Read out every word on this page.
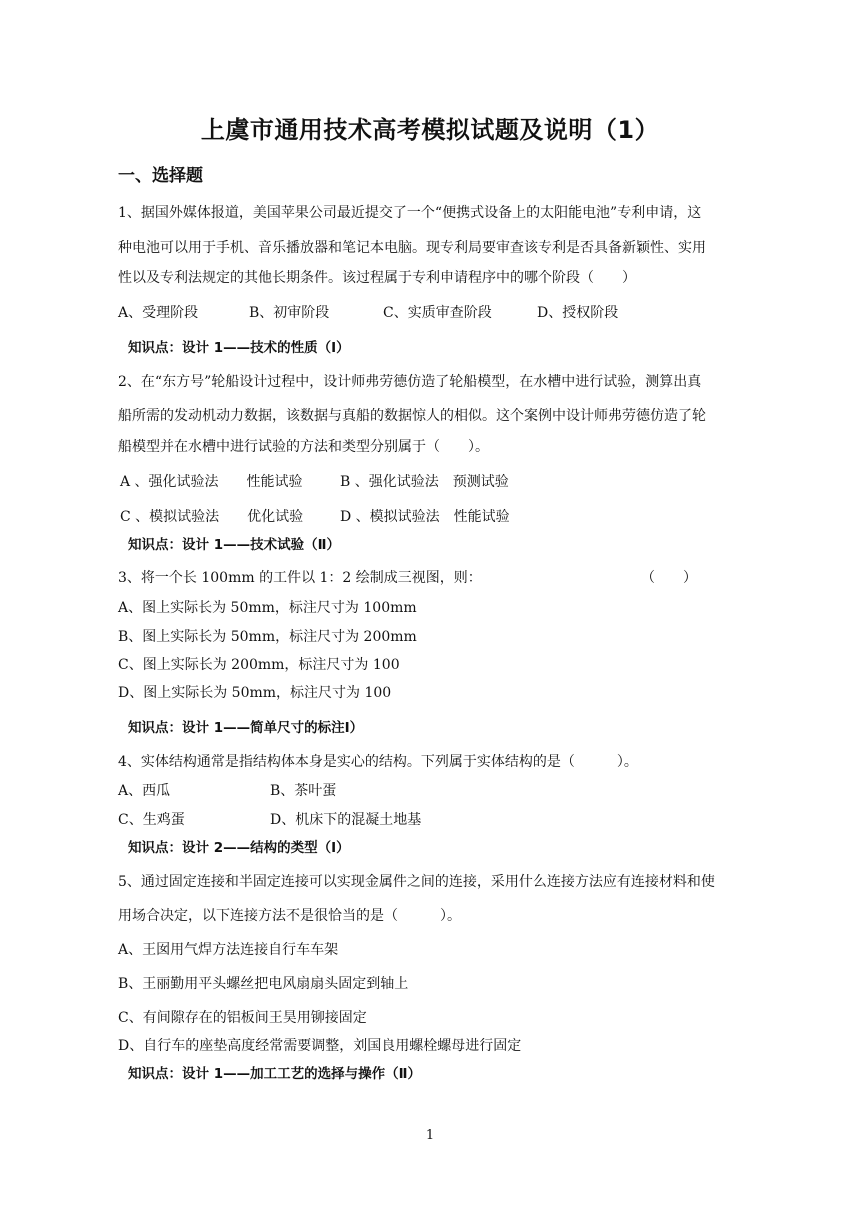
上虞市通用技术高考模拟试题及说明（1）
一、选择题
1、据国外媒体报道，美国苹果公司最近提交了一个“便携式设备上的太阳能电池”专利申请，这
种电池可以用于手机、音乐播放器和笔记本电脑。现专利局要审查该专利是否具备新颖性、实用
性以及专利法规定的其他长期条件。该过程属于专利申请程序中的哪个阶段（　　）
A、受理阶段	B、初审阶段	C、实质审查阶段	D、授权阶段
知识点：设计 1——技术的性质（I）
2、在“东方号”轮船设计过程中，设计师弗劳德仿造了轮船模型，在水槽中进行试验，测算出真
船所需的发动机动力数据，该数据与真船的数据惊人的相似。这个案例中设计师弗劳德仿造了轮
船模型并在水槽中进行试验的方法和类型分别属于（　　）。
A 、强化试验法　　性能试验	B 、强化试验法　预测试验
C 、模拟试验法　　优化试验	D 、模拟试验法　性能试验
知识点：设计 1——技术试验（Ⅱ）
3、将一个长 100mm 的工件以 1：2 绘制成三视图，则：	（　　）
A、图上实际长为 50mm，标注尺寸为 100mm
B、图上实际长为 50mm，标注尺寸为 200mm
C、图上实际长为 200mm，标注尺寸为 100
D、图上实际长为 50mm，标注尺寸为 100
知识点：设计 1——简单尺寸的标注Ⅰ）
4、实体结构通常是指结构体本身是实心的结构。下列属于实体结构的是（　　　）。
A、西瓜	B、茶叶蛋
C、生鸡蛋	D、机床下的混凝土地基
知识点：设计 2——结构的类型（Ⅰ）
5、通过固定连接和半固定连接可以实现金属件之间的连接，采用什么连接方法应有连接材料和使
用场合决定，以下连接方法不是很恰当的是（　　　）。
A、王囡用气焊方法连接自行车车架
B、王丽勤用平头螺丝把电风扇扇头固定到轴上
C、有间隙存在的铝板间王昊用铆接固定
D、自行车的座垫高度经常需要调整，刘国良用螺栓螺母进行固定
知识点：设计 1——加工工艺的选择与操作（Ⅱ）
1
